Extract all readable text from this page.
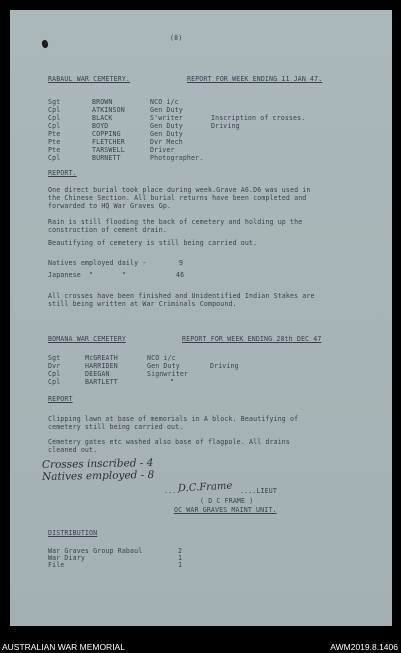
(8)
RABAUL WAR CEMETERY.	REPORT FOR WEEK ENDING 11 JAN 47.
Sgt	BROWN	NCO i/c
Cpl	ATKINSON	Gen Duty
Cpl	BLACK	S'writer	Inscription of crosses.
Cpl	BOYD	Gen Duty	Driving
Pte	COPPING	Gen Duty
Pte	FLETCHER	Dvr Mech
Pte	TARSWELL	Driver
Cpl	BURNETT	Photographer.
REPORT.
One direct burial took place during week.Grave A6.D6 was used in
the Chinese Section. All burial returns have been completed and
forwarded to HQ War Graves Gp.
Rain is still flooding the back of cemetery and holding up the
construction of cement drain.
Beautifying of cemetery is still being carried out.
Natives employed daily -	9
Japanese  "       "	46
All crosses have been finished and Unidentified Indian Stakes are
still being written at War Criminals Compound.
BOMANA WAR CEMETERY	REPORT FOR WEEK ENDING 28th DEC 47
Sgt	McGREATH	NCO i/c
Dvr	HARRIDEN	Gen Duty	Driving
Cpl	DEEGAN	Signwriter
Cpl	BARTLETT	"
REPORT
Clipping lawn at base of memorials in A block. Beautifying of
cemetery still being carried out.
Cemetery gates etc washed also base of flagpole. All drains
cleaned out.
Crosses inscribed - 4
Natives employed - 8
....
D.C.Frame ....LIEUT
( D C FRAME )
OC WAR GRAVES MAINT UNIT.
DISTRIBUTION
War Graves Group Rabaul	2
War Diary	1
File	1
AUSTRALIAN WAR MEMORIAL	AWM2019.8.1406
